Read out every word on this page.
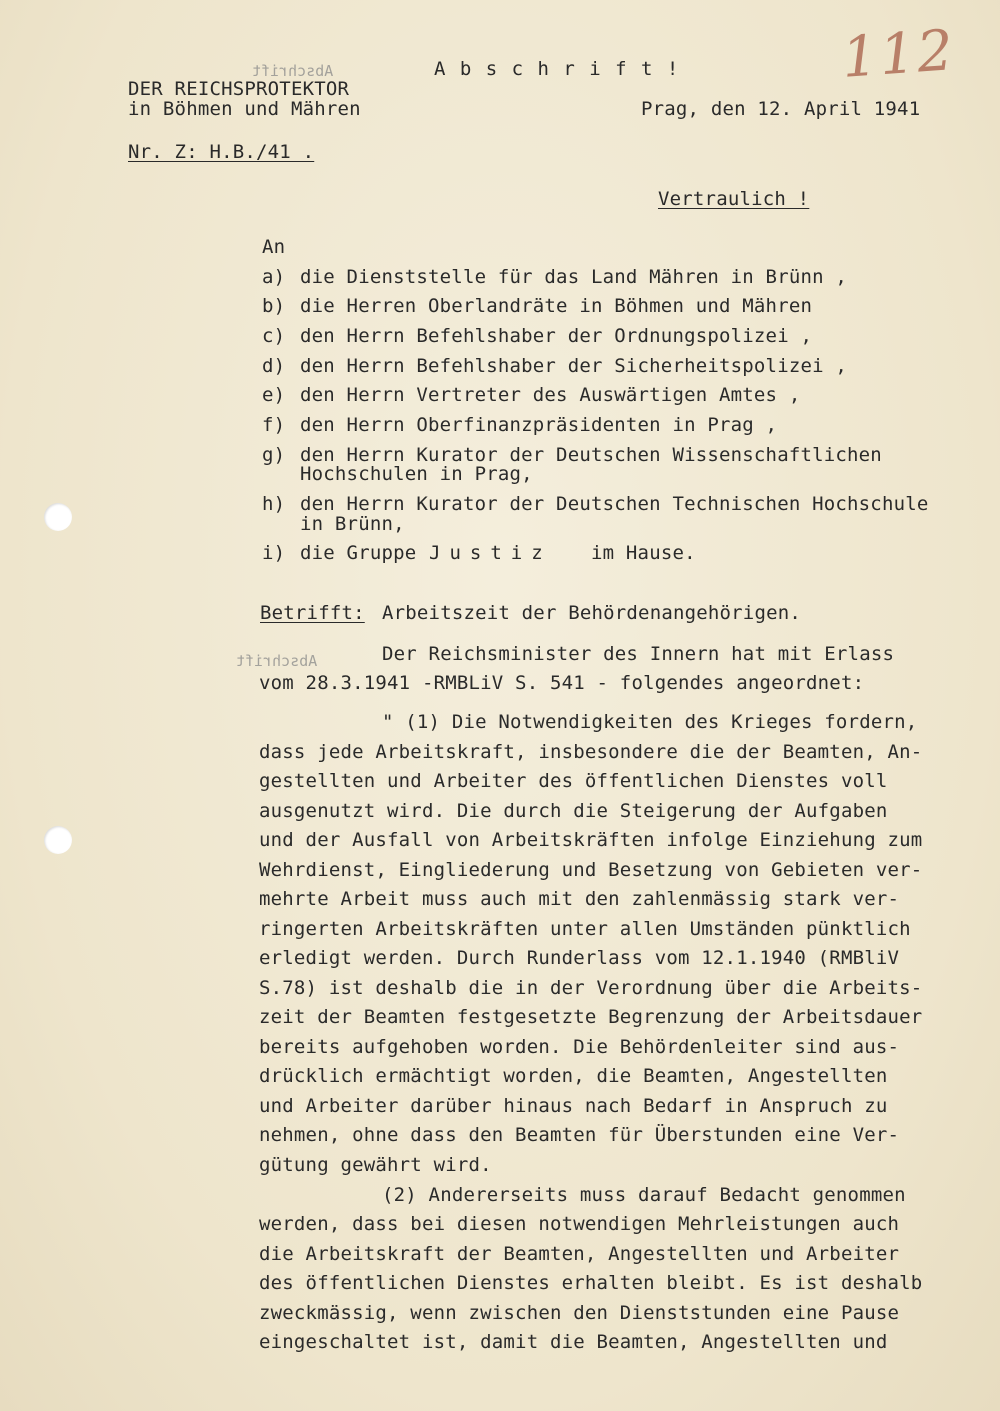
112
Abschrift
DER REICHSPROTEKTOR
in Böhmen und Mähren
Nr. Z: H.B./41 .
A b s c h r i f t !
Prag, den 12. April 1941
Vertraulich !
An
a) die Dienststelle für das Land Mähren in Brünn ,
b) die Herren Oberlandräte in Böhmen und Mähren
c) den Herrn Befehlshaber der Ordnungspolizei ,
d) den Herrn Befehlshaber der Sicherheitspolizei ,
e) den Herrn Vertreter des Auswärtigen Amtes ,
f) den Herrn Oberfinanzpräsidenten in Prag ,
g) den Herrn Kurator der Deutschen Wissenschaftlichen
Hochschulen in Prag,
h) den Herrn Kurator der Deutschen Technischen Hochschule
in Brünn,
i) die Gruppe Justiz im Hause.
Betrifft: Arbeitszeit der Behördenangehörigen.
Abschrift	Der Reichsminister des Innern hat mit Erlass
vom 28.3.1941 -RMBLiV S. 541 - folgendes angeordnet:
" (1) Die Notwendigkeiten des Krieges fordern,
dass jede Arbeitskraft, insbesondere die der Beamten, An-
gestellten und Arbeiter des öffentlichen Dienstes voll
ausgenutzt wird. Die durch die Steigerung der Aufgaben
und der Ausfall von Arbeitskräften infolge Einziehung zum
Wehrdienst, Eingliederung und Besetzung von Gebieten ver-
mehrte Arbeit muss auch mit den zahlenmässig stark ver-
ringerten Arbeitskräften unter allen Umständen pünktlich
erledigt werden. Durch Runderlass vom 12.1.1940 (RMBliV
S.78) ist deshalb die in der Verordnung über die Arbeits-
zeit der Beamten festgesetzte Begrenzung der Arbeitsdauer
bereits aufgehoben worden. Die Behördenleiter sind aus-
drücklich ermächtigt worden, die Beamten, Angestellten
und Arbeiter darüber hinaus nach Bedarf in Anspruch zu
nehmen, ohne dass den Beamten für Überstunden eine Ver-
gütung gewährt wird.
(2) Andererseits muss darauf Bedacht genommen
werden, dass bei diesen notwendigen Mehrleistungen auch
die Arbeitskraft der Beamten, Angestellten und Arbeiter
des öffentlichen Dienstes erhalten bleibt. Es ist deshalb
zweckmässig, wenn zwischen den Dienststunden eine Pause
eingeschaltet ist, damit die Beamten, Angestellten und
